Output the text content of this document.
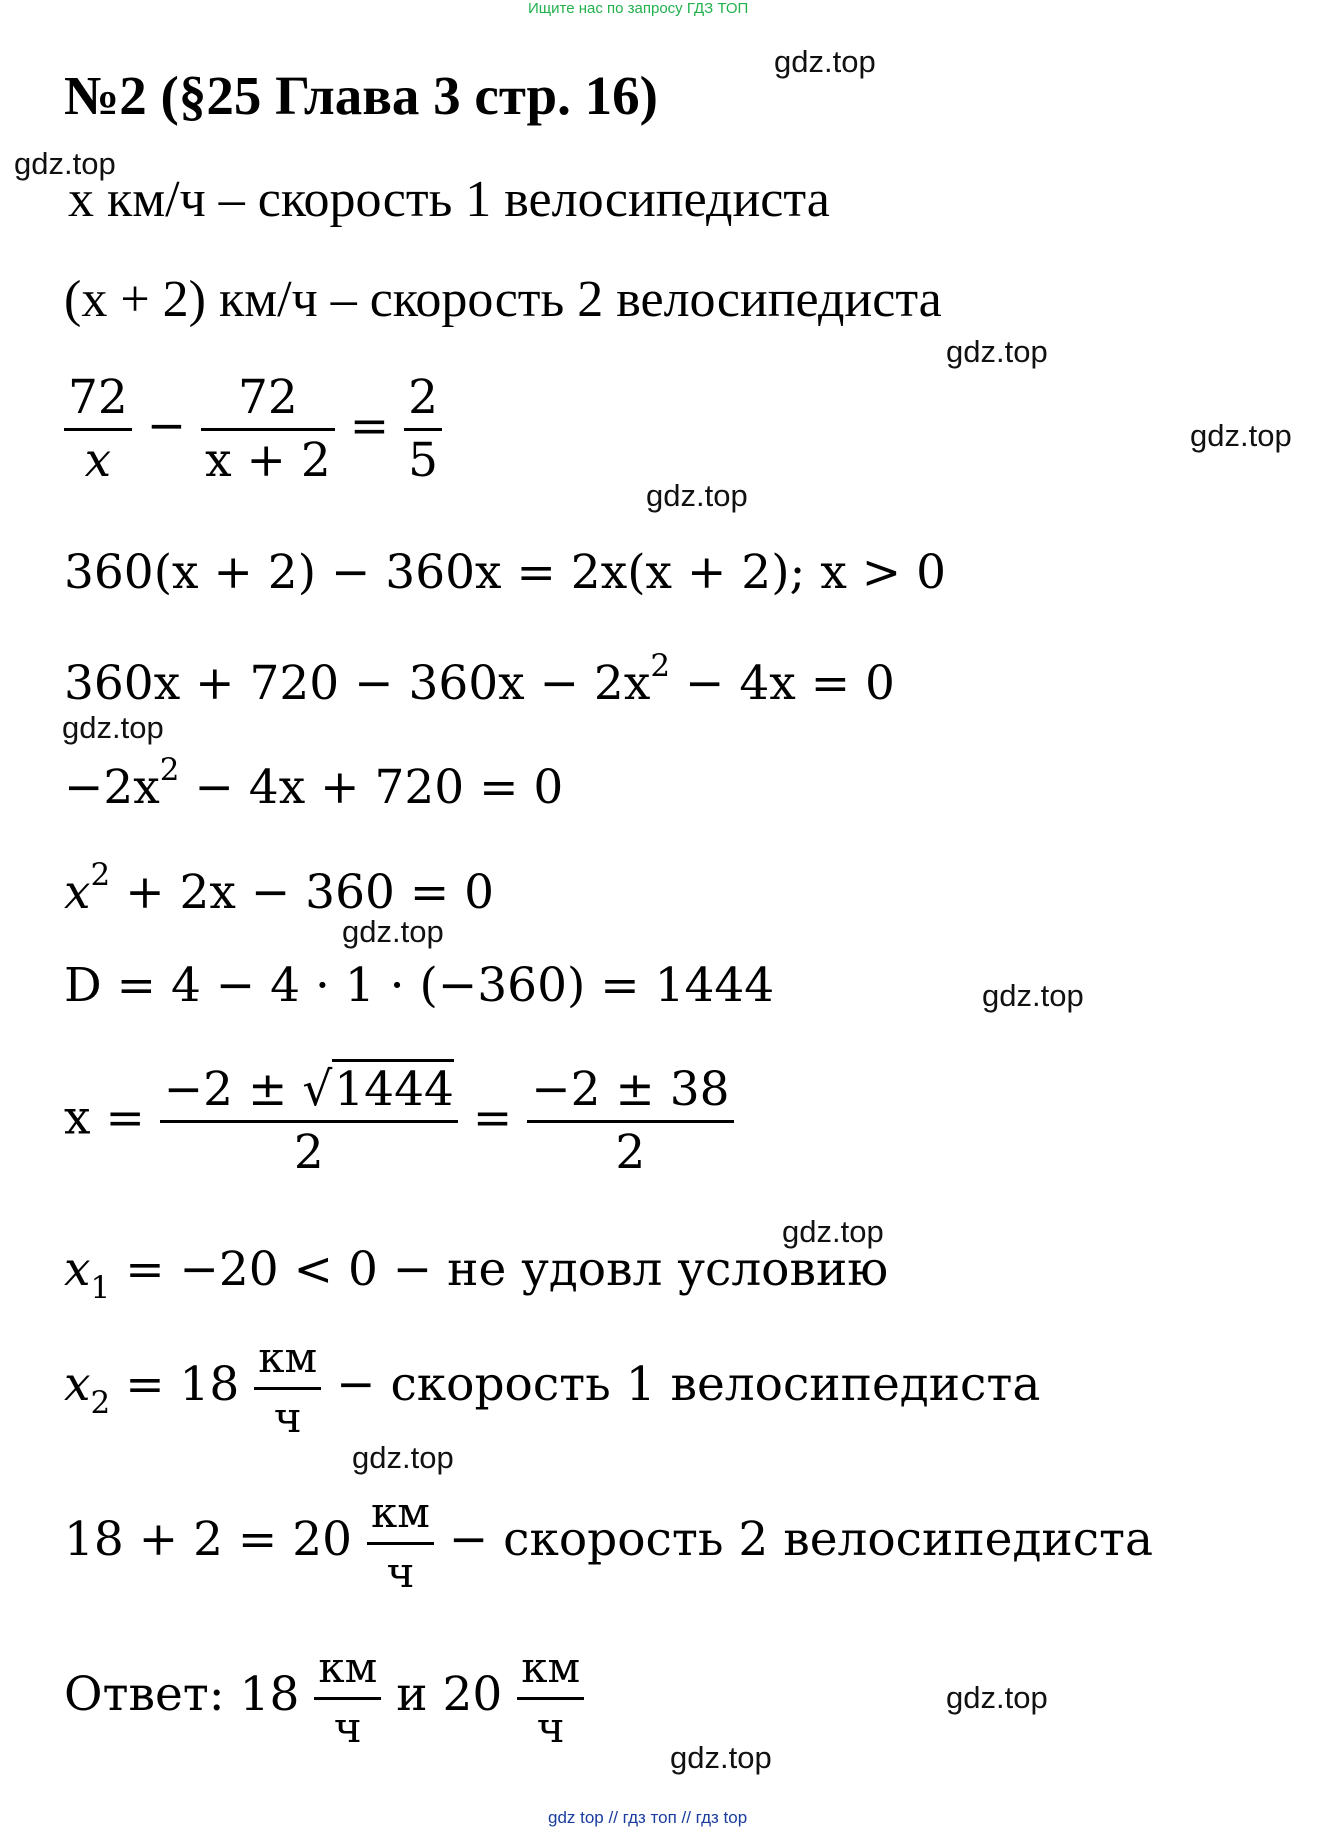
Ищите нас по запросу ГДЗ ТОП
№2 (§25 Глава 3 стр. 16)
x км/ч – скорость 1 велосипедиста
(x + 2) км/ч – скорость 2 велосипедиста
$\frac{72}{x} - \frac{72}{x + 2} = \frac{2}{5}$
360(x + 2) − 360x = 2x(x + 2); x > 0
$360x + 720 - 360x - 2x^2 - 4x = 0$
$-2x^2 - 4x + 720 = 0$
$x^2 + 2x - 360 = 0$
D = 4 − 4 · 1 · (−360) = 1444
$x = \frac{-2 \pm √1444}{2} = \frac{-2 \pm 38}{2}$
$x_1 = -20 < 0$ − не удовл условию
$x_2 = 18 \frac{км}{ч}$ − скорость 1 велосипедиста
$18 + 2 = 20 \frac{км}{ч}$ − скорость 2 велосипедиста
Ответ: $18 \frac{км}{ч}$ и $20 \frac{км}{ч}$
gdz.top
gdz.top
gdz.top
gdz.top
gdz.top
gdz.top
gdz.top
gdz.top
gdz.top
gdz.top
gdz.top
gdz.top
gdz top // гдз топ // гдз top
